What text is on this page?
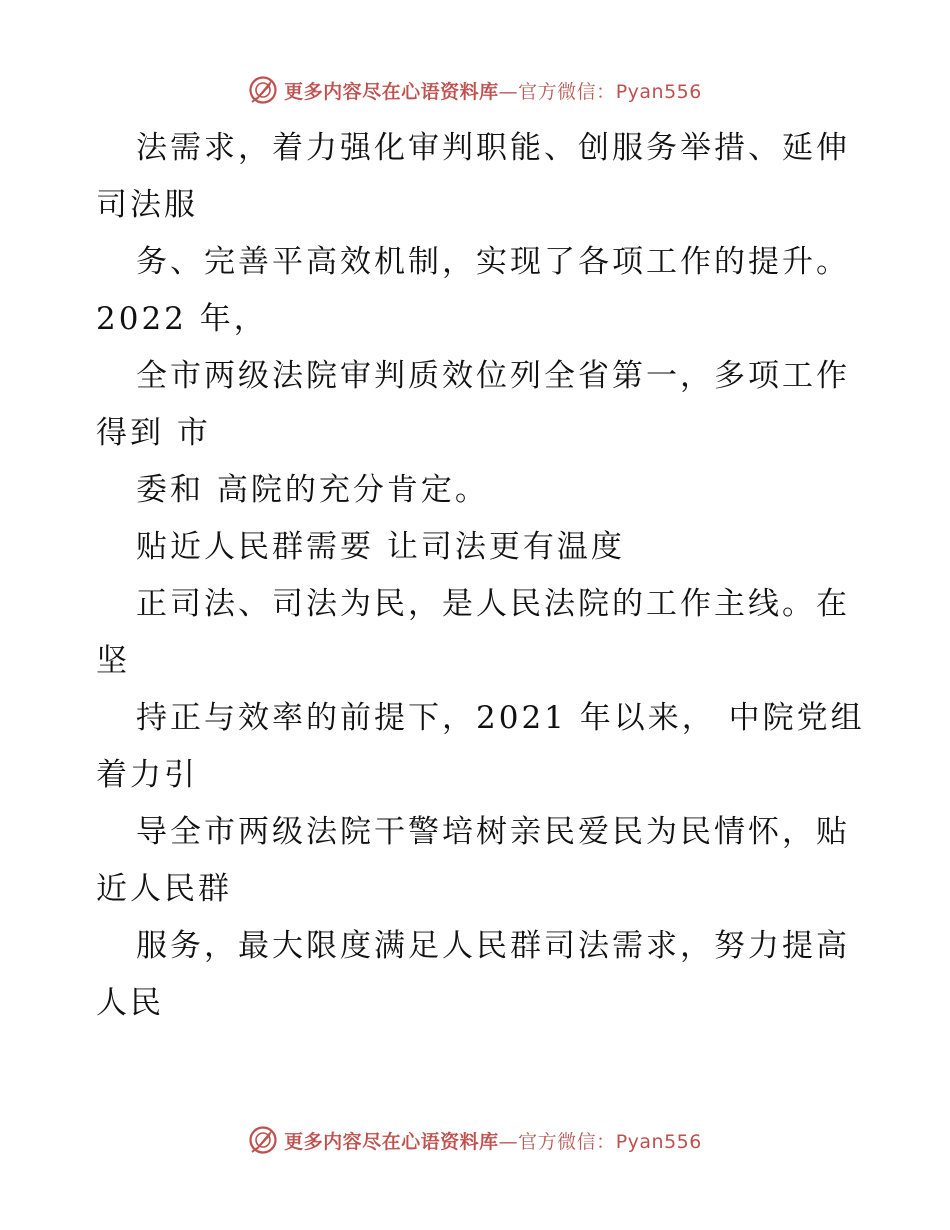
更多内容尽在心语资料库—官方微信：Pyan556
法需求，着力强化审判职能、创服务举措、延伸
司法服
务、完善平高效机制，实现了各项工作的提升。
2022 年，
全市两级法院审判质效位列全省第一，多项工作
得到 市
委和 高院的充分肯定。
贴近人民群需要 让司法更有温度
正司法、司法为民，是人民法院的工作主线。在
坚
持正与效率的前提下，2021 年以来， 中院党组
着力引
导全市两级法院干警培树亲民爱民为民情怀，贴
近人民群
服务，最大限度满足人民群司法需求，努力提高
人民
更多内容尽在心语资料库—官方微信：Pyan556
